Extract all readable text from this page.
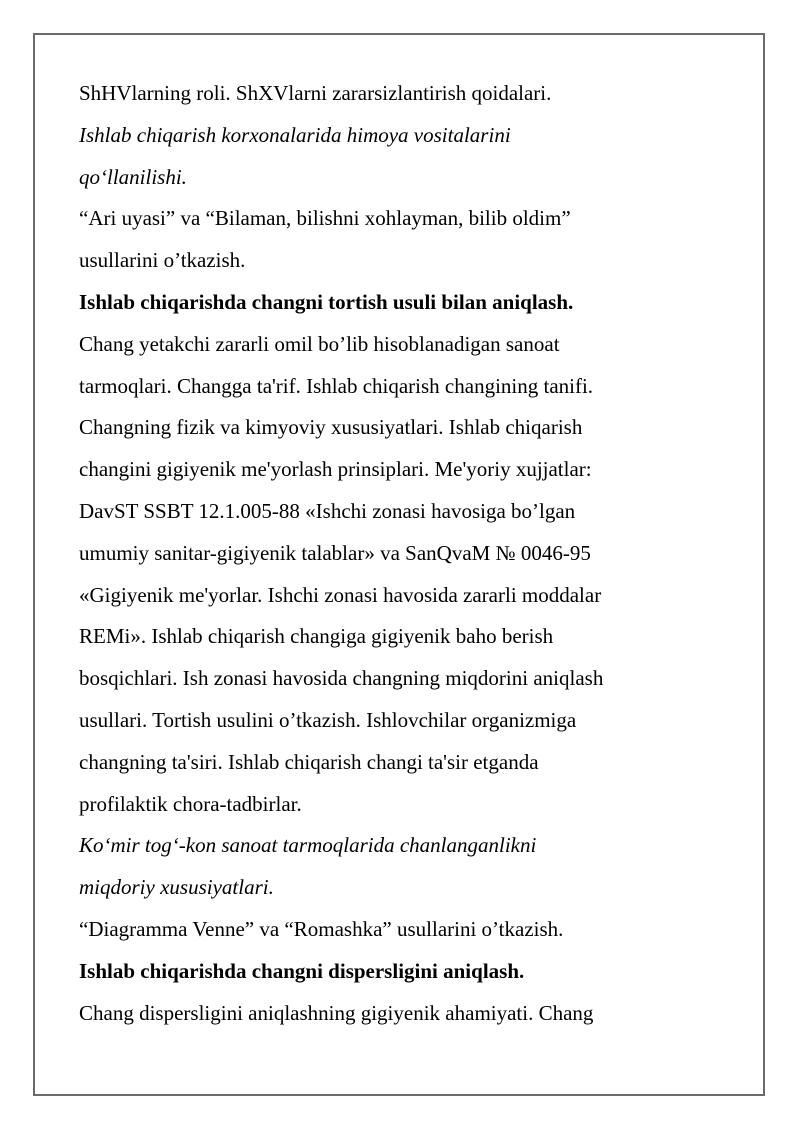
ShHVlarning roli. ShXVlarni zararsizlantirish qoidalari.
Ishlab chiqarish korxonalarida himoya vositalarini
qo‘llanilishi.
“Ari uyasi” va “Bilaman, bilishni xohlayman, bilib oldim”
usullarini o’tkazish.
Ishlab chiqarishda changni tortish usuli bilan aniqlash.
Chang yetakchi zararli omil bo’lib hisoblanadigan sanoat
tarmoqlari. Changga ta'rif. Ishlab chiqarish changining tanifi.
Changning fizik va kimyoviy xususiyatlari. Ishlab chiqarish
changini gigiyenik me'yorlash prinsiplari. Me'yoriy xujjatlar:
DavST SSBT 12.1.005-88 «Ishchi zonasi havosiga bo’lgan
umumiy sanitar-gigiyenik talablar» va SanQvaM № 0046-95
«Gigiyenik me'yorlar. Ishchi zonasi havosida zararli moddalar
REMi». Ishlab chiqarish changiga gigiyenik baho berish
bosqichlari. Ish zonasi havosida changning miqdorini aniqlash
usullari. Tortish usulini o’tkazish. Ishlovchilar organizmiga
changning ta'siri. Ishlab chiqarish changi ta'sir etganda
profilaktik chora-tadbirlar.
Ko‘mir tog‘-kon sanoat tarmoqlarida chanlanganlikni
miqdoriy xususiyatlari.
“Diagramma Venne” va “Romashka” usullarini o’tkazish.
Ishlab chiqarishda changni dispersligini aniqlash.
Chang dispersligini aniqlashning gigiyenik ahamiyati. Chang
